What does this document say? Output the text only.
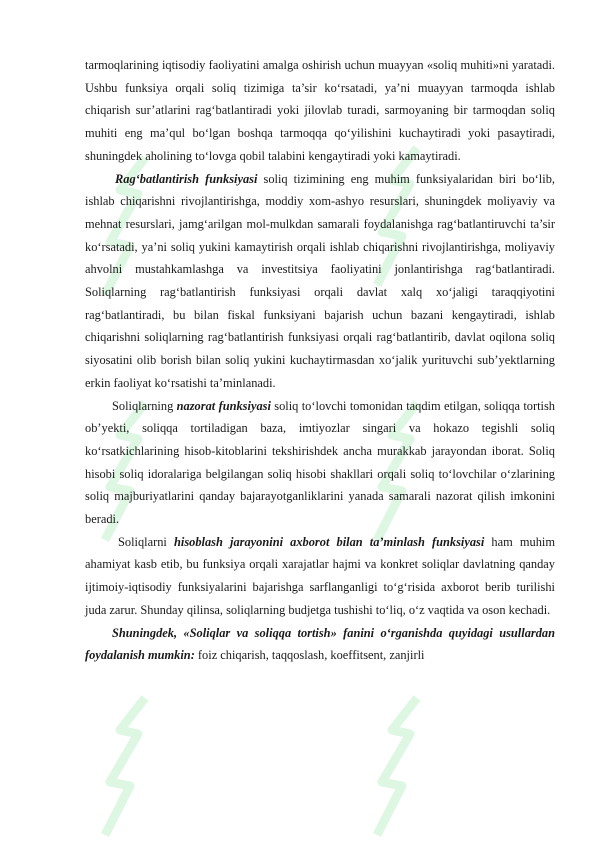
tarmoqlarining iqtisodiy faoliyatini amalga oshirish uchun muayyan «soliq muhiti»ni yaratadi. Ushbu funksiya orqali soliq tizimiga ta’sir ko‘rsatadi, ya’ni muayyan tarmoqda ishlab chiqarish sur’atlarini rag‘batlantiradi yoki jilovlab turadi, sarmoyaning bir tarmoqdan soliq muhiti eng ma’qul bo‘lgan boshqa tarmoqqa qo‘yilishini kuchaytiradi yoki pasaytiradi, shuningdek aholining to‘lovga qobil talabini kengaytiradi yoki kamaytiradi.

Rag‘batlantirish funksiyasi soliq tizimining eng muhim funksiyalaridan biri bo‘lib, ishlab chiqarishni rivojlantirishga, moddiy xom-ashyo resurslari, shuningdek moliyaviy va mehnat resurslari, jamg‘arilgan mol-mulkdan samarali foydalanishga rag‘batlantiruvchi ta’sir ko‘rsatadi, ya’ni soliq yukini kamaytirish orqali ishlab chiqarishni rivojlantirishga, moliyaviy ahvolni mustahkamlashga va investitsiya faoliyatini jonlantirishga rag‘batlantiradi. Soliqlarning rag‘batlantirish funksiyasi orqali davlat xalq xo‘jaligi taraqqiyotini rag‘batlantiradi, bu bilan fiskal funksiyani bajarish uchun bazani kengaytiradi, ishlab chiqarishni soliqlarning rag‘batlantirish funksiyasi orqali rag‘batlantirib, davlat oqilona soliq siyosatini olib borish bilan soliq yukini kuchaytirmasdan xo‘jalik yurituvchi sub’yektlarning erkin faoliyat ko‘rsatishi ta’minlanadi.

Soliqlarning nazorat funksiyasi soliq to‘lovchi tomonidan taqdim etilgan, soliqqa tortish ob’yekti, soliqqa tortiladigan baza, imtiyozlar singari va hokazo tegishli soliq ko‘rsatkichlarining hisob-kitoblarini tekshirishdek ancha murakkab jarayondan iborat. Soliq hisobi soliq idoralariga belgilangan soliq hisobi shakllari orqali soliq to‘lovchilar o‘zlarining soliq majburiyatlarini qanday bajarayotganliklarini yanada samarali nazorat qilish imkonini beradi.

Soliqlarni hisoblash jarayonini axborot bilan ta’minlash funksiyasi ham muhim ahamiyat kasb etib, bu funksiya orqali xarajatlar hajmi va konkret soliqlar davlatning qanday ijtimoiy-iqtisodiy funksiyalarini bajarishga sarflanganligi to‘g‘risida axborot berib turilishi juda zarur. Shunday qilinsa, soliqlarning budjetga tushishi to‘liq, o‘z vaqtida va oson kechadi.

Shuningdek, «Soliqlar va soliqqa tortish» fanini o‘rganishda quyidagi usullardan foydalanish mumkin: foiz chiqarish, taqqoslash, koeffitsent, zanjirli
